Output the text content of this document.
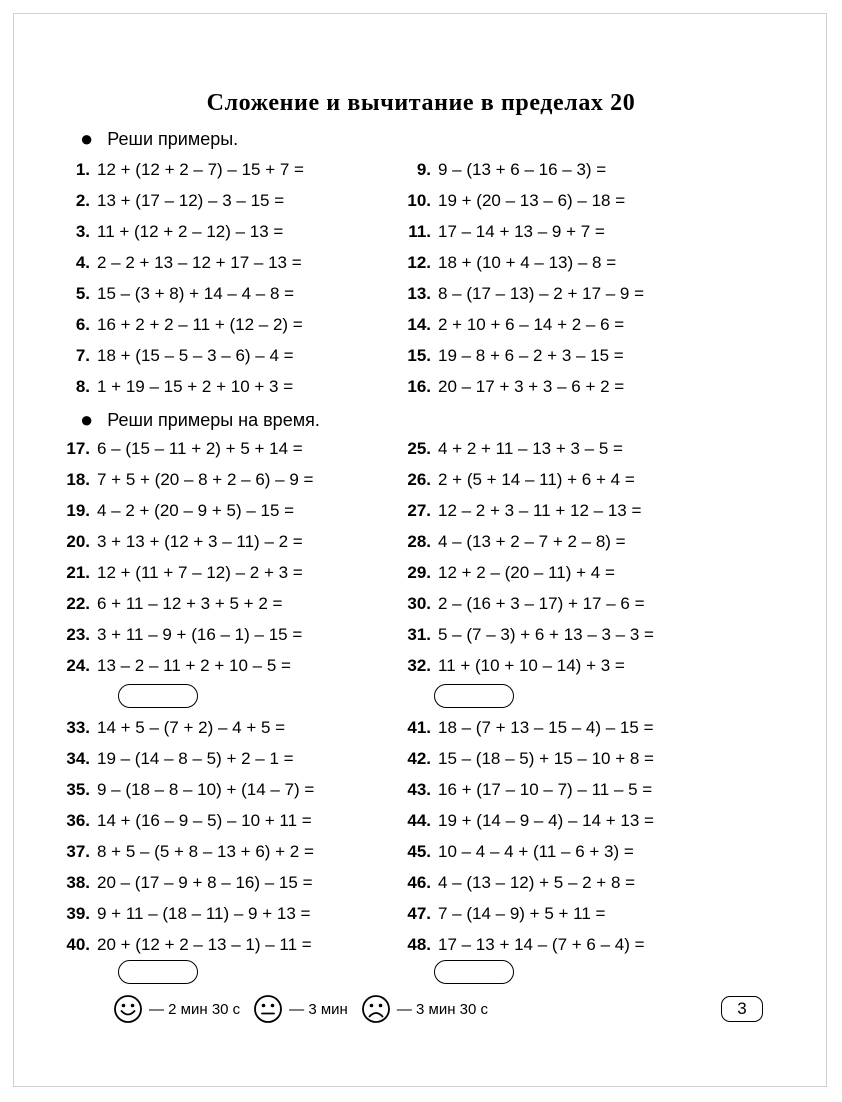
Сложение и вычитание в пределах 20
● Реши примеры.
1. 12 + (12 + 2 – 7) – 15 + 7 =
2. 13 + (17 – 12) – 3 – 15 =
3. 11 + (12 + 2 – 12) – 13 =
4. 2 – 2 + 13 – 12 + 17 – 13 =
5. 15 – (3 + 8) + 14 – 4 – 8 =
6. 16 + 2 + 2 – 11 + (12 – 2) =
7. 18 + (15 – 5 – 3 – 6) – 4 =
8. 1 + 19 – 15 + 2 + 10 + 3 =
9. 9 – (13 + 6 – 16 – 3) =
10. 19 + (20 – 13 – 6) – 18 =
11. 17 – 14 + 13 – 9 + 7 =
12. 18 + (10 + 4 – 13) – 8 =
13. 8 – (17 – 13) – 2 + 17 – 9 =
14. 2 + 10 + 6 – 14 + 2 – 6 =
15. 19 – 8 + 6 – 2 + 3 – 15 =
16. 20 – 17 + 3 + 3 – 6 + 2 =
● Реши примеры на время.
17. 6 – (15 – 11 + 2) + 5 + 14 =
18. 7 + 5 + (20 – 8 + 2 – 6) – 9 =
19. 4 – 2 + (20 – 9 + 5) – 15 =
20. 3 + 13 + (12 + 3 – 11) – 2 =
21. 12 + (11 + 7 – 12) – 2 + 3 =
22. 6 + 11 – 12 + 3 + 5 + 2 =
23. 3 + 11 – 9 + (16 – 1) – 15 =
24. 13 – 2 – 11 + 2 + 10 – 5 =
25. 4 + 2 + 11 – 13 + 3 – 5 =
26. 2 + (5 + 14 – 11) + 6 + 4 =
27. 12 – 2 + 3 – 11 + 12 – 13 =
28. 4 – (13 + 2 – 7 + 2 – 8) =
29. 12 + 2 – (20 – 11) + 4 =
30. 2 – (16 + 3 – 17) + 17 – 6 =
31. 5 – (7 – 3) + 6 + 13 – 3 – 3 =
32. 11 + (10 + 10 – 14) + 3 =
33. 14 + 5 – (7 + 2) – 4 + 5 =
34. 19 – (14 – 8 – 5) + 2 – 1 =
35. 9 – (18 – 8 – 10) + (14 – 7) =
36. 14 + (16 – 9 – 5) – 10 + 11 =
37. 8 + 5 – (5 + 8 – 13 + 6) + 2 =
38. 20 – (17 – 9 + 8 – 16) – 15 =
39. 9 + 11 – (18 – 11) – 9 + 13 =
40. 20 + (12 + 2 – 13 – 1) – 11 =
41. 18 – (7 + 13 – 15 – 4) – 15 =
42. 15 – (18 – 5) + 15 – 10 + 8 =
43. 16 + (17 – 10 – 7) – 11 – 5 =
44. 19 + (14 – 9 – 4) – 14 + 13 =
45. 10 – 4 – 4 + (11 – 6 + 3) =
46. 4 – (13 – 12) + 5 – 2 + 8 =
47. 7 – (14 – 9) + 5 + 11 =
48. 17 – 13 + 14 – (7 + 6 – 4) =
— 2 мин 30 с	— 3 мин	— 3 мин 30 с	3
